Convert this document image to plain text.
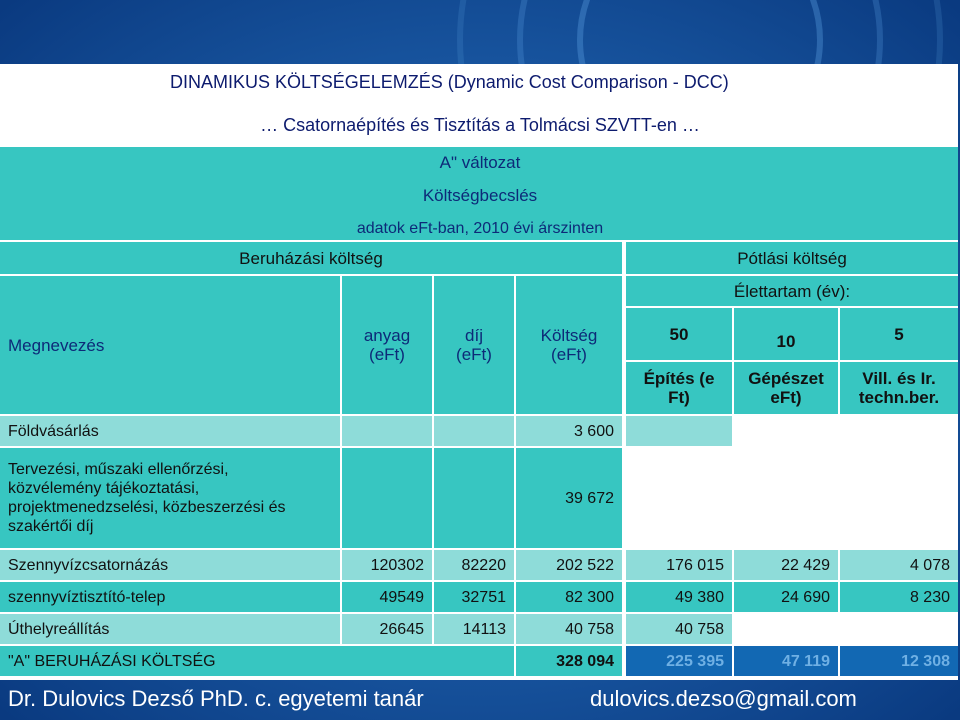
DINAMIKUS KÖLTSÉGELEMZÉS (Dynamic Cost Comparison - DCC)
… Csatornaépítés és Tisztítás a Tolmácsi SZVTT-en …
A" változat
Költségbecslés
adatok eFt-ban, 2010 évi árszinten
Beruházási költség	Pótlási költség
Élettartam (év):
Megnevezés	anyag (eFt)
díj (eFt)
Költség (eFt)
50	10	5
Építés (e Ft)
Gépészet
eFt)
Vill. és Ir. techn.ber.
Földvásárlás	3 600
Tervezési, műszaki ellenőrzési, közvélemény tájékoztatási, projektmenedzselési, közbeszerzési és szakértői díj
39 672
Szennyvízcsatornázás	120302	82220	202 522	176 015	22 429	4 078
szennyvíztisztító-telep	49549	32751	82 300	49 380	24 690	8 230
Úthelyreállítás	26645	14113	40 758	40 758
"A" BERUHÁZÁSI KÖLTSÉG	328 094	225 395	47 119	12 308
Dr. Dulovics Dezső PhD. c. egyetemi tanár	dulovics.dezso@gmail.com
